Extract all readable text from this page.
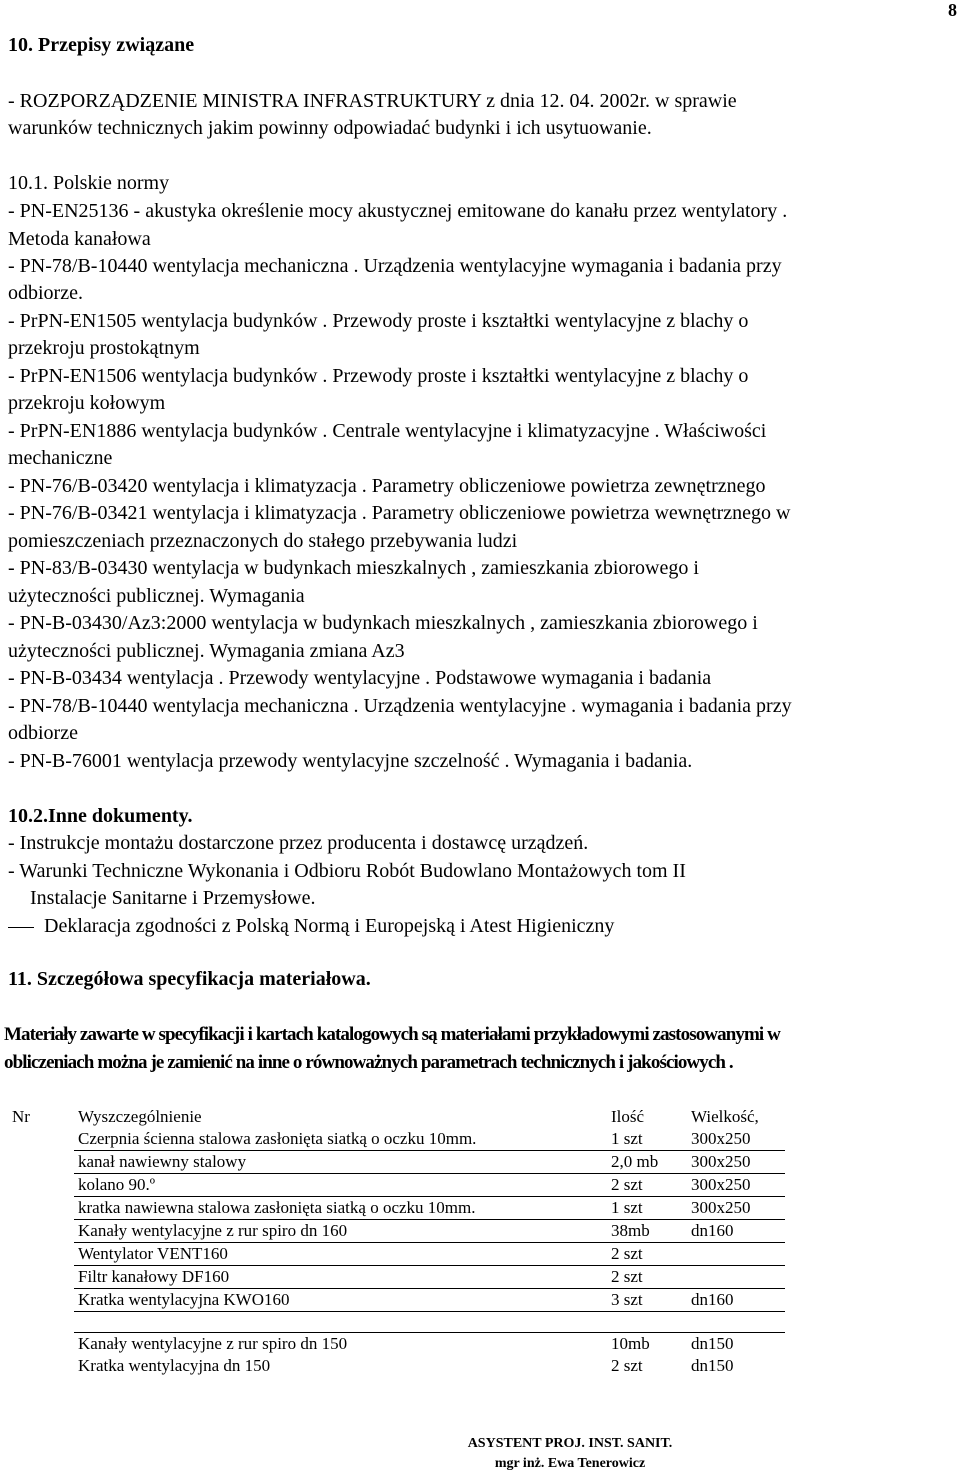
8
10. Przepisy związane
- ROZPORZĄDZENIE MINISTRA INFRASTRUKTURY z dnia 12. 04. 2002r. w sprawie
warunków technicznych jakim powinny odpowiadać budynki i ich usytuowanie.
10.1. Polskie normy
- PN-EN25136 - akustyka określenie mocy akustycznej emitowane do kanału przez wentylatory .
Metoda kanałowa
- PN-78/B-10440 wentylacja mechaniczna . Urządzenia wentylacyjne wymagania i badania przy
odbiorze.
- PrPN-EN1505 wentylacja budynków . Przewody proste i kształtki wentylacyjne z blachy o
przekroju prostokątnym
- PrPN-EN1506 wentylacja budynków . Przewody proste i kształtki wentylacyjne z blachy o
przekroju kołowym
- PrPN-EN1886 wentylacja budynków . Centrale wentylacyjne i klimatyzacyjne . Właściwości
mechaniczne
- PN-76/B-03420 wentylacja i klimatyzacja . Parametry obliczeniowe powietrza zewnętrznego
- PN-76/B-03421 wentylacja i klimatyzacja . Parametry obliczeniowe powietrza wewnętrznego w
pomieszczeniach przeznaczonych do stałego przebywania ludzi
- PN-83/B-03430 wentylacja w budynkach mieszkalnych , zamieszkania zbiorowego i
użyteczności publicznej. Wymagania
- PN-B-03430/Az3:2000 wentylacja w budynkach mieszkalnych , zamieszkania zbiorowego i
użyteczności publicznej. Wymagania zmiana Az3
- PN-B-03434 wentylacja . Przewody wentylacyjne . Podstawowe wymagania i badania
- PN-78/B-10440 wentylacja mechaniczna . Urządzenia wentylacyjne . wymagania i badania przy
odbiorze
- PN-B-76001 wentylacja przewody wentylacyjne szczelność . Wymagania i badania.
10.2.Inne dokumenty.
- Instrukcje montażu dostarczone przez producenta i dostawcę urządzeń.
- Warunki Techniczne Wykonania i Odbioru Robót Budowlano Montażowych tom II
Instalacje Sanitarne i Przemysłowe.
Deklaracja zgodności z Polską Normą i Europejską i Atest Higieniczny
11. Szczegółowa specyfikacja materiałowa.
Materiały zawarte w specyfikacji i kartach katalogowych są materiałami przykładowymi zastosowanymi w
obliczeniach można je zamienić na inne o równoważnych parametrach technicznych i jakościowych .
Nr	Wyszczególnienie	Ilość	Wielkość,
	Czerpnia ścienna stalowa zasłonięta siatką o oczku 10mm.	1 szt	300x250
	kanał nawiewny stalowy	2,0 mb	300x250
	kolano 90.º	2 szt	300x250
	kratka nawiewna stalowa zasłonięta siatką o oczku 10mm.	1 szt	300x250
	Kanały wentylacyjne z rur spiro dn 160	38mb	dn160
	Wentylator VENT160	2 szt	
	Filtr kanałowy DF160	2 szt	
	Kratka wentylacyjna KWO160	3 szt	dn160

	Kanały wentylacyjne z rur spiro dn 150	10mb	dn150
	Kratka wentylacyjna dn 150	2 szt	dn150
ASYSTENT PROJ. INST. SANIT.
mgr inż. Ewa Tenerowicz
